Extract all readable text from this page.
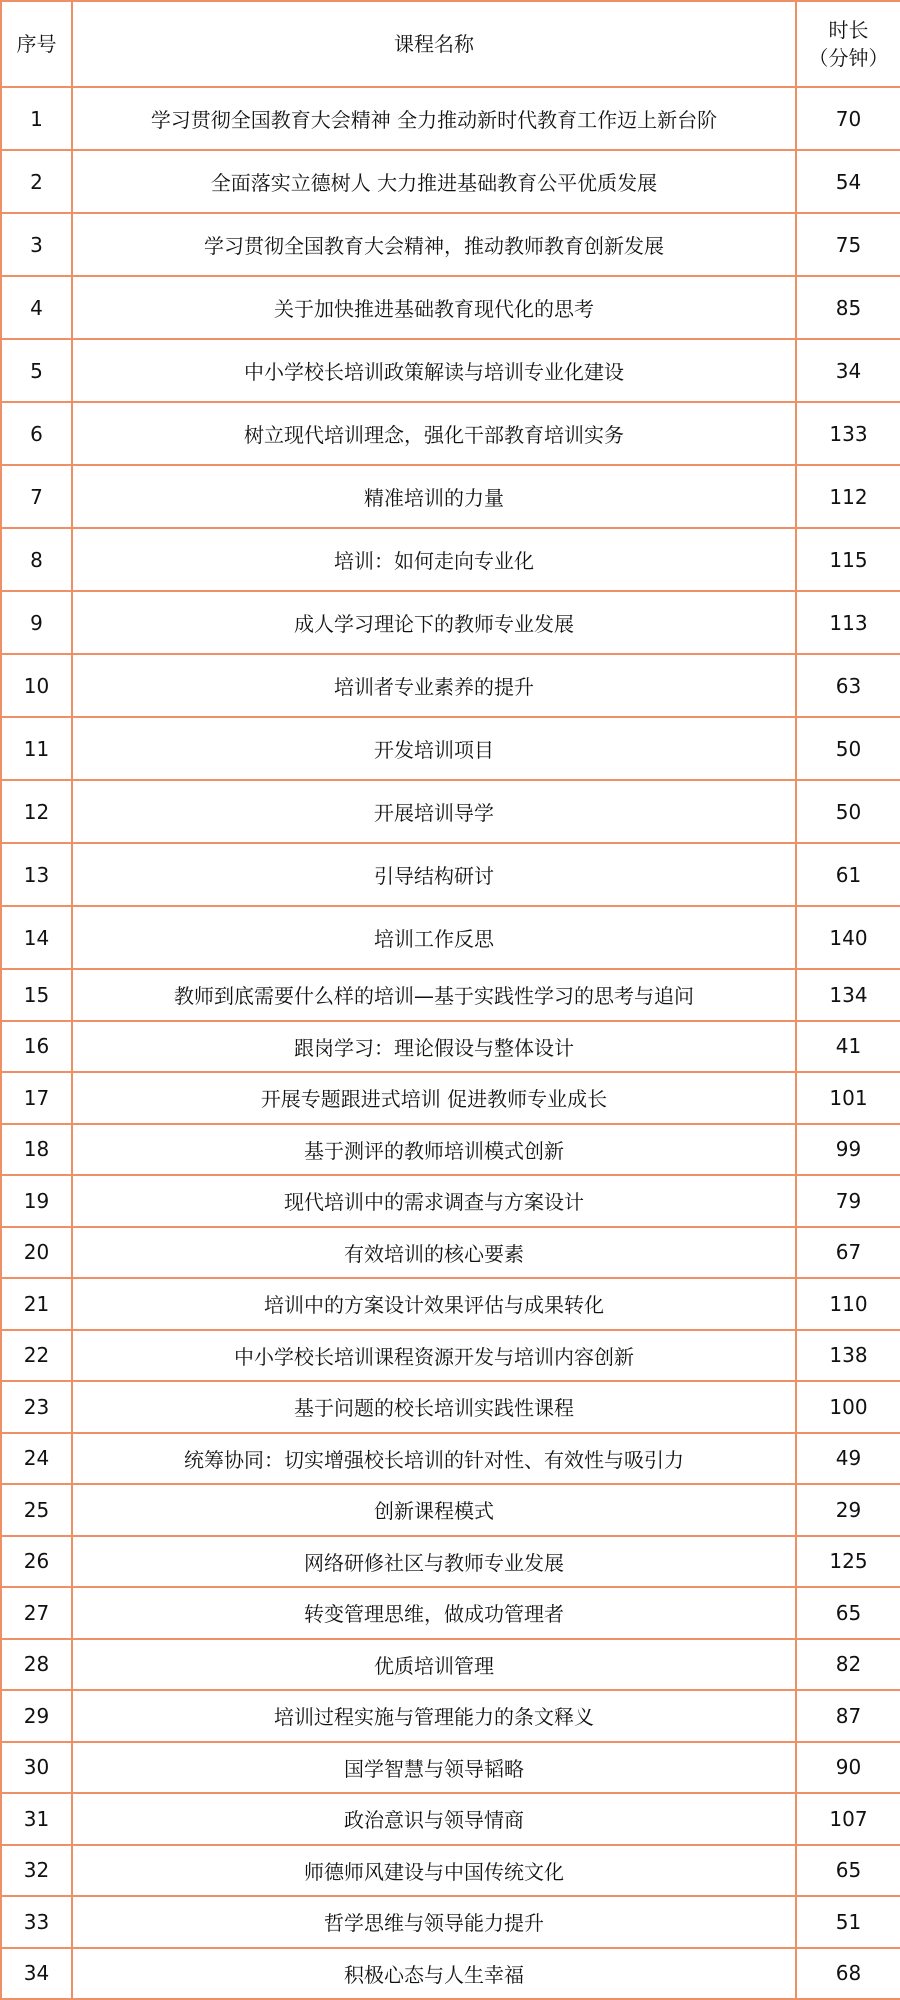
序号	课程名称	时长
（分钟）

1	学习贯彻全国教育大会精神 全力推动新时代教育工作迈上新台阶	70
2	全面落实立德树人 大力推进基础教育公平优质发展	54
3	学习贯彻全国教育大会精神，推动教师教育创新发展	75
4	关于加快推进基础教育现代化的思考	85
5	中小学校长培训政策解读与培训专业化建设	34
6	树立现代培训理念，强化干部教育培训实务	133
7	精准培训的力量	112
8	培训：如何走向专业化	115
9	成人学习理论下的教师专业发展	113
10	培训者专业素养的提升	63
11	开发培训项目	50
12	开展培训导学	50
13	引导结构研讨	61
14	培训工作反思	140
15	教师到底需要什么样的培训—基于实践性学习的思考与追问	134
16	跟岗学习：理论假设与整体设计	41
17	开展专题跟进式培训 促进教师专业成长	101
18	基于测评的教师培训模式创新	99
19	现代培训中的需求调查与方案设计	79
20	有效培训的核心要素	67
21	培训中的方案设计效果评估与成果转化	110
22	中小学校长培训课程资源开发与培训内容创新	138
23	基于问题的校长培训实践性课程	100
24	统筹协同：切实增强校长培训的针对性、有效性与吸引力	49
25	创新课程模式	29
26	网络研修社区与教师专业发展	125
27	转变管理思维，做成功管理者	65
28	优质培训管理	82
29	培训过程实施与管理能力的条文释义	87
30	国学智慧与领导韬略	90
31	政治意识与领导情商	107
32	师德师风建设与中国传统文化	65
33	哲学思维与领导能力提升	51
34	积极心态与人生幸福	68
